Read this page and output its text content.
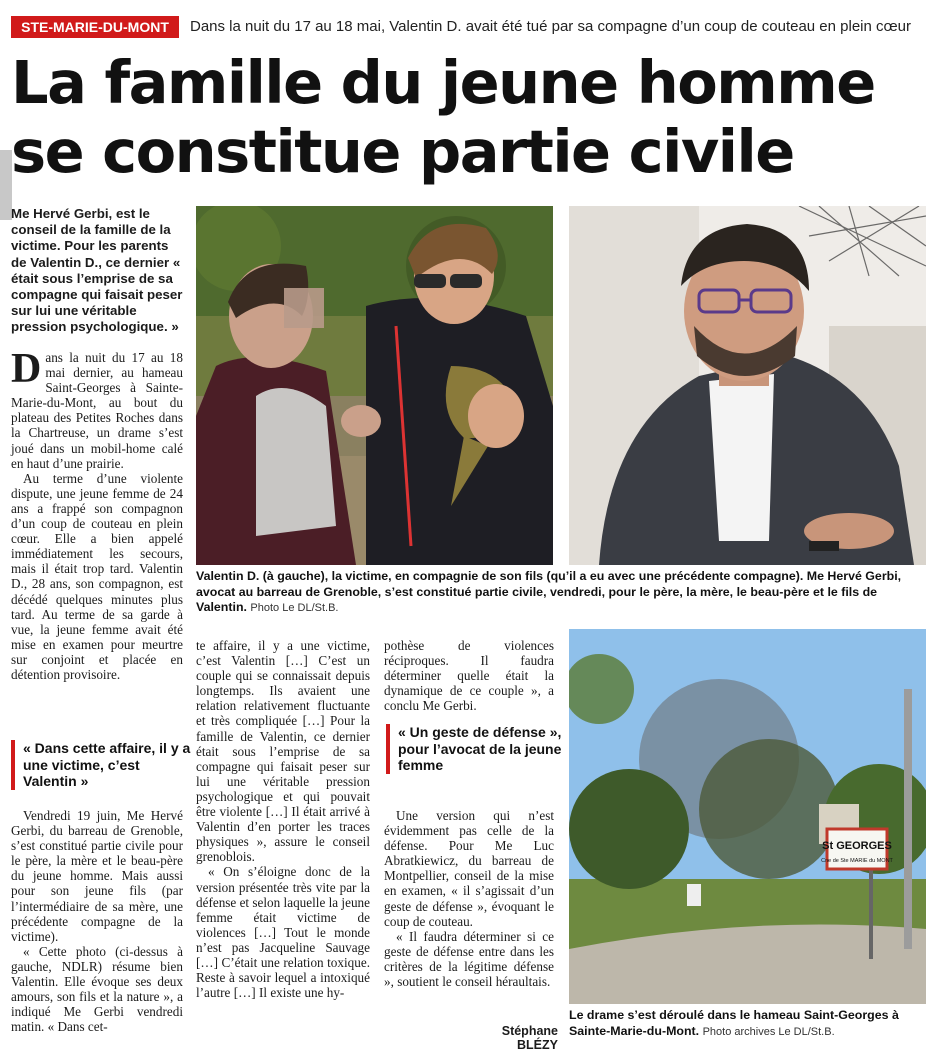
STE-MARIE-DU-MONT	Dans la nuit du 17 au 18 mai, Valentin D. avait été tué par sa compagne d’un coup de couteau en plein cœur
La famille du jeune homme
se constitue partie civile
Me Hervé Gerbi, est le conseil de la famille de la victime. Pour les parents de Valentin D., ce dernier « était sous l’emprise de sa compagne qui faisait peser sur lui une véritable pression psychologique. »
Valentin D. (à gauche), la victime, en compagnie de son fils (qu’il a eu avec une précédente compagne). Me Hervé Gerbi, avocat au barreau de Grenoble, s’est constitué partie civile, vendredi, pour le père, la mère, le beau-père et le fils de Valentin. Photo Le DL/St.B.
St GEORGES
Cne de Ste MARIE du MONT
Le drame s’est déroulé dans le hameau Saint-Georges à Sainte-Marie-du-Mont. Photo archives Le DL/St.B.

Dans la nuit du 17 au 18 mai dernier, au hameau Saint-Georges à Sainte-Marie-du-Mont, au bout du plateau des Petites Roches dans la Chartreuse, un drame s’est joué dans un mobil-home calé en haut d’une prairie.

Au terme d’une violente dispute, une jeune femme de 24 ans a frappé son compagnon d’un coup de couteau en plein cœur. Elle a bien appelé immédiatement les secours, mais il était trop tard. Valentin D., 28 ans, son compagnon, est décédé quelques minutes plus tard. Au terme de sa garde à vue, la jeune femme avait été mise en examen pour meurtre sur conjoint et placée en détention provisoire.

« Dans cette affaire, il y a une victime, c’est Valentin »

Vendredi 19 juin, Me Hervé Gerbi, du barreau de Grenoble, s’est constitué partie civile pour le père, la mère et le beau-père du jeune homme. Mais aussi pour son jeune fils (par l’intermédiaire de sa mère, une précédente compagne de la victime).

« Cette photo (ci-dessus à gauche, NDLR) résume bien Valentin. Elle évoque ses deux amours, son fils et la nature », a indiqué Me Gerbi vendredi matin. « Dans cet-

te affaire, il y a une victime, c’est Valentin […] C’est un couple qui se connaissait depuis longtemps. Ils avaient une relation relativement fluctuante et très compliquée […] Pour la famille de Valentin, ce dernier était sous l’emprise de sa compagne qui faisait peser sur lui une véritable pression psychologique et qui pouvait être violente […] Il était arrivé à Valentin d’en porter les traces physiques », assure le conseil grenoblois.

« On s’éloigne donc de la version présentée très vite par la défense et selon laquelle la jeune femme était victime de violences […] Tout le monde n’est pas Jacqueline Sauvage […] C’était une relation toxique. Reste à savoir lequel a intoxiqué l’autre […] Il existe une hy-

pothèse de violences réciproques. Il faudra déterminer quelle était la dynamique de ce couple », a conclu Me Gerbi.

« Un geste de défense », pour l’avocat de la jeune femme

Une version qui n’est évidemment pas celle de la défense. Pour Me Luc Abratkiewicz, du barreau de Montpellier, conseil de la mise en examen, « il s’agissait d’un geste de défense », évoquant le coup de couteau.

« Il faudra déterminer si ce geste de défense entre dans les critères de la légitime défense », soutient le conseil héraultais.

Stéphane BLÉZY
